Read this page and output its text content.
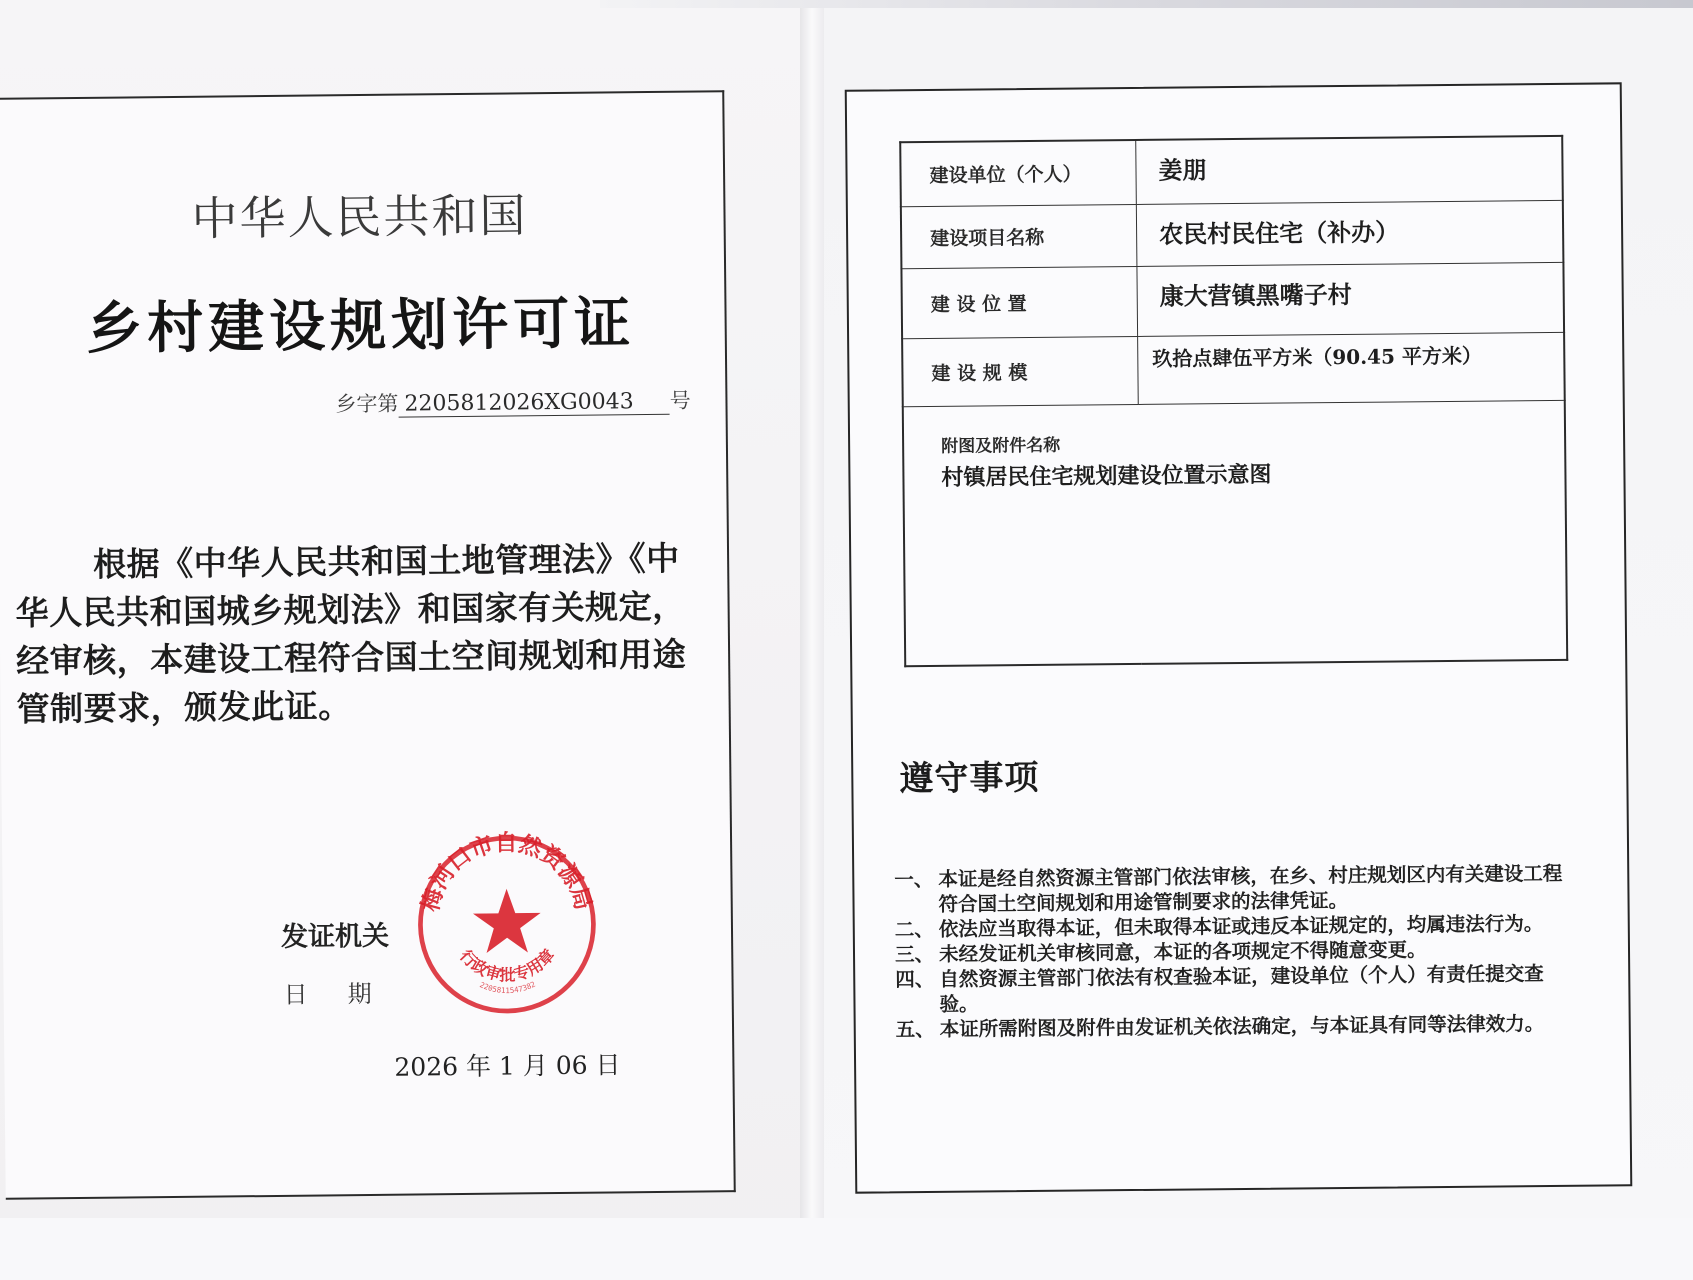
中华人民共和国
乡村建设规划许可证
乡字第 2205812026XG0043 号
根据《中华人民共和国土地管理法》《中华人民共和国城乡规划法》和国家有关规定，经审核，本建设工程符合国土空间规划和用途管制要求，颁发此证。
发证机关
日期
2026 年 1 月 06 日
梅河口市自然资源局
行政审批专用章
2205811547382
建设单位（个人）	姜朋
建设项目名称	农民村民住宅（补办）
建 设 位 置	康大营镇黑嘴子村
建 设 规 模	玖拾点肆伍平方米（90.45 平方米）

附图及附件名称
村镇居民住宅规划建设位置示意图	
遵守事项
一、 本证是经自然资源主管部门依法审核，在乡、村庄规划区内有关建设工程符合国土空间规划和用途管制要求的法律凭证。
二、 依法应当取得本证，但未取得本证或违反本证规定的，均属违法行为。
三、 未经发证机关审核同意，本证的各项规定不得随意变更。
四、 自然资源主管部门依法有权查验本证，建设单位（个人）有责任提交查验。
五、 本证所需附图及附件由发证机关依法确定，与本证具有同等法律效力。
